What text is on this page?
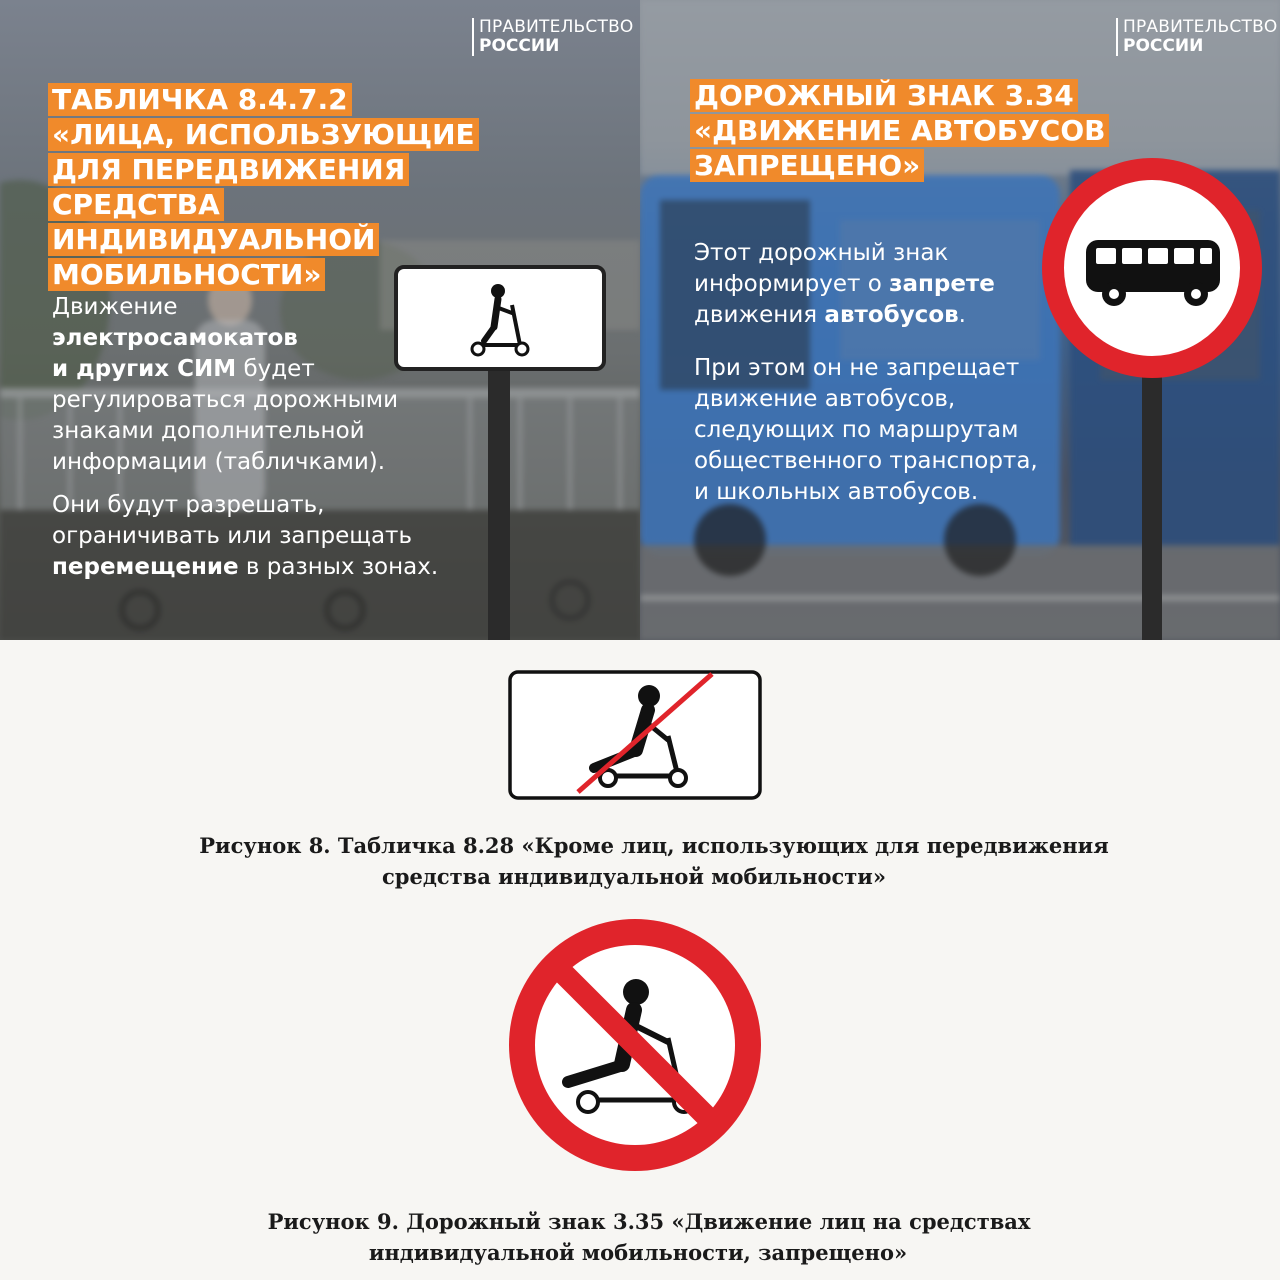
ПРАВИТЕЛЬСТВО
РОССИИ
ТАБЛИЧКА 8.4.7.2
«ЛИЦА, ИСПОЛЬЗУЮЩИЕ
ДЛЯ ПЕРЕДВИЖЕНИЯ СРЕДСТВА
ИНДИВИДУАЛЬНОЙ
МОБИЛЬНОСТИ»

Движение
электросамокатов
и других СИМ будет
регулироваться дорожными
знаками дополнительной
информации (табличками).

Они будут разрешать,
ограничивать или запрещать
перемещение в разных зонах.

ПРАВИТЕЛЬСТВО
РОССИИ
ДОРОЖНЫЙ ЗНАК 3.34
«ДВИЖЕНИЕ АВТОБУСОВ
ЗАПРЕЩЕНО»

Этот дорожный знак
информирует о запрете
движения автобусов.

При этом он не запрещает
движение автобусов,
следующих по маршрутам
общественного транспорта,
и школьных автобусов.

Рисунок 8. Табличка 8.28 «Кроме лиц, использующих для передвижения
средства индивидуальной мобильности»
Рисунок 9. Дорожный знак 3.35 «Движение лиц на средствах
индивидуальной мобильности, запрещено»
